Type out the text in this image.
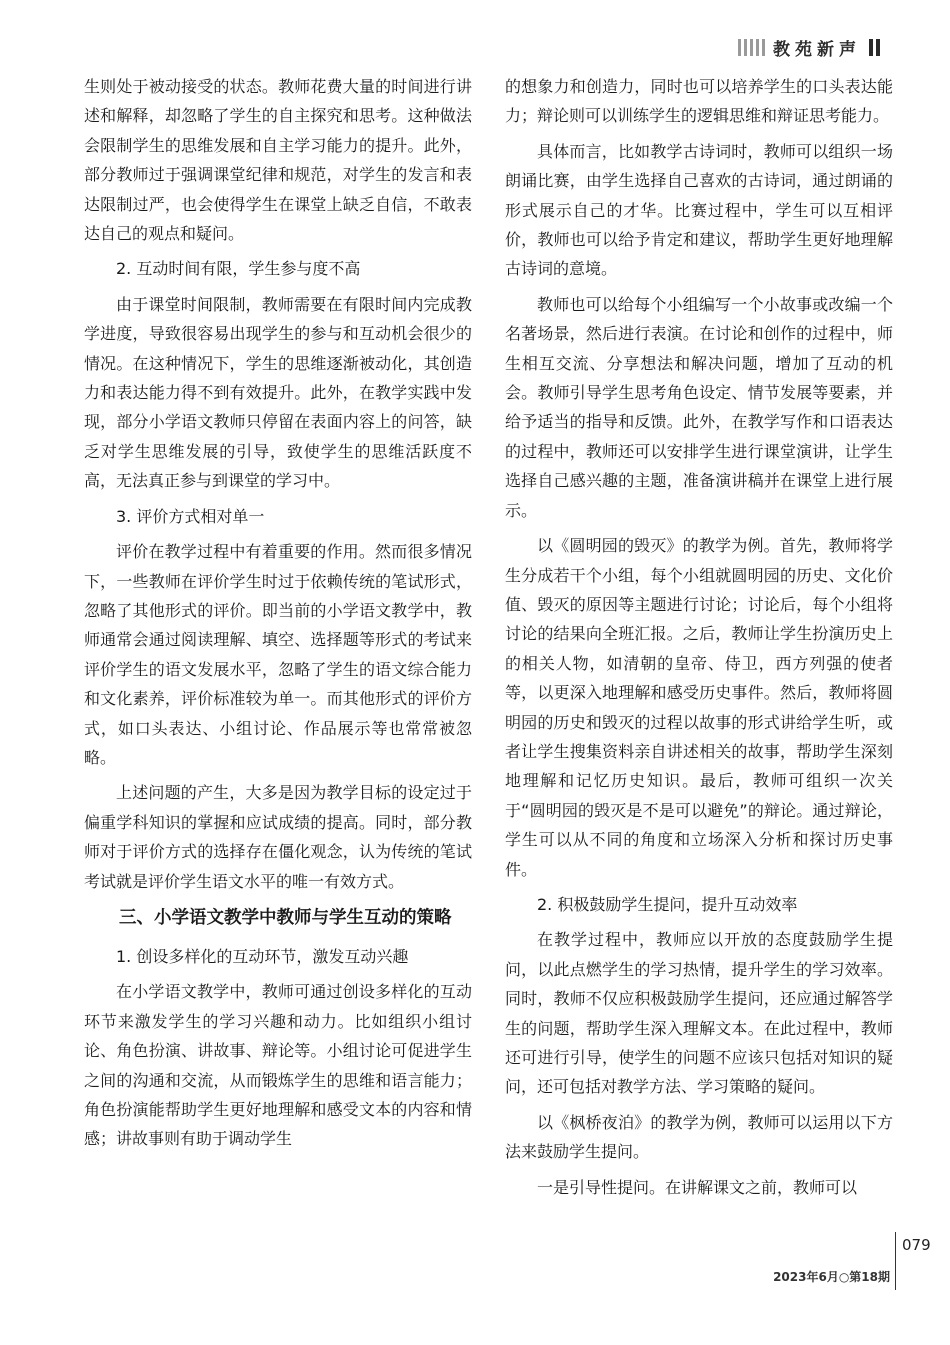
教苑新声

生则处于被动接受的状态。教师花费大量的时间进行讲述和解释，却忽略了学生的自主探究和思考。这种做法会限制学生的思维发展和自主学习能力的提升。此外，部分教师过于强调课堂纪律和规范，对学生的发言和表达限制过严，也会使得学生在课堂上缺乏自信，不敢表达自己的观点和疑问。

2. 互动时间有限，学生参与度不高

由于课堂时间限制，教师需要在有限时间内完成教学进度，导致很容易出现学生的参与和互动机会很少的情况。在这种情况下，学生的思维逐渐被动化，其创造力和表达能力得不到有效提升。此外，在教学实践中发现，部分小学语文教师只停留在表面内容上的问答，缺乏对学生思维发展的引导，致使学生的思维活跃度不高，无法真正参与到课堂的学习中。

3. 评价方式相对单一

评价在教学过程中有着重要的作用。然而很多情况下，一些教师在评价学生时过于依赖传统的笔试形式，忽略了其他形式的评价。即当前的小学语文教学中，教师通常会通过阅读理解、填空、选择题等形式的考试来评价学生的语文发展水平，忽略了学生的语文综合能力和文化素养，评价标准较为单一。而其他形式的评价方式，如口头表达、小组讨论、作品展示等也常常被忽略。

上述问题的产生，大多是因为教学目标的设定过于偏重学科知识的掌握和应试成绩的提高。同时，部分教师对于评价方式的选择存在僵化观念，认为传统的笔试考试就是评价学生语文水平的唯一有效方式。

三、小学语文教学中教师与学生互动的策略
1. 创设多样化的互动环节，激发互动兴趣

在小学语文教学中，教师可通过创设多样化的互动环节来激发学生的学习兴趣和动力。比如组织小组讨论、角色扮演、讲故事、辩论等。小组讨论可促进学生之间的沟通和交流，从而锻炼学生的思维和语言能力；角色扮演能帮助学生更好地理解和感受文本的内容和情感；讲故事则有助于调动学生

的想象力和创造力，同时也可以培养学生的口头表达能力；辩论则可以训练学生的逻辑思维和辩证思考能力。

具体而言，比如教学古诗词时，教师可以组织一场朗诵比赛，由学生选择自己喜欢的古诗词，通过朗诵的形式展示自己的才华。比赛过程中，学生可以互相评价，教师也可以给予肯定和建议，帮助学生更好地理解古诗词的意境。

教师也可以给每个小组编写一个小故事或改编一个名著场景，然后进行表演。在讨论和创作的过程中，师生相互交流、分享想法和解决问题，增加了互动的机会。教师引导学生思考角色设定、情节发展等要素，并给予适当的指导和反馈。此外，在教学写作和口语表达的过程中，教师还可以安排学生进行课堂演讲，让学生选择自己感兴趣的主题，准备演讲稿并在课堂上进行展示。

以《圆明园的毁灭》的教学为例。首先，教师将学生分成若干个小组，每个小组就圆明园的历史、文化价值、毁灭的原因等主题进行讨论；讨论后，每个小组将讨论的结果向全班汇报。之后，教师让学生扮演历史上的相关人物，如清朝的皇帝、侍卫，西方列强的使者等，以更深入地理解和感受历史事件。然后，教师将圆明园的历史和毁灭的过程以故事的形式讲给学生听，或者让学生搜集资料亲自讲述相关的故事，帮助学生深刻地理解和记忆历史知识。最后，教师可组织一次关于“圆明园的毁灭是不是可以避免”的辩论。通过辩论，学生可以从不同的角度和立场深入分析和探讨历史事件。

2. 积极鼓励学生提问，提升互动效率

在教学过程中，教师应以开放的态度鼓励学生提问，以此点燃学生的学习热情，提升学生的学习效率。同时，教师不仅应积极鼓励学生提问，还应通过解答学生的问题，帮助学生深入理解文本。在此过程中，教师还可进行引导，使学生的问题不应该只包括对知识的疑问，还可包括对教学方法、学习策略的疑问。

以《枫桥夜泊》的教学为例，教师可以运用以下方法来鼓励学生提问。

一是引导性提问。在讲解课文之前，教师可以

079
2023年6月○第18期
